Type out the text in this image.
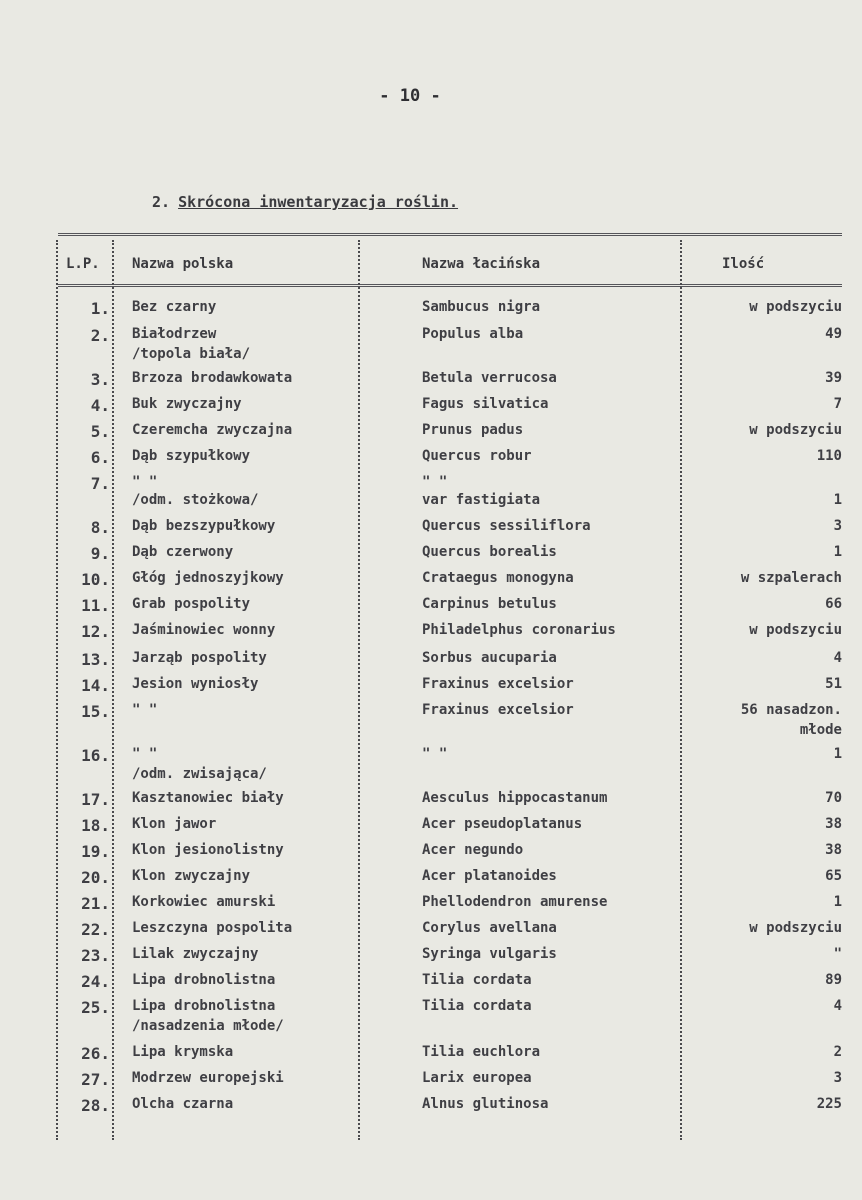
- 10 -
2. Skrócona inwentaryzacja roślin.
L.P. Nazwa polska	Nazwa łacińska	Ilość
1. Bez czarny	Sambucus nigra	w podszyciu
2. Białodrzew	Populus alba	49
/topola biała/
3. Brzoza brodawkowata	Betula verrucosa	39
4. Buk zwyczajny	Fagus silvatica	7
5. Czeremcha zwyczajna	Prunus padus	w podszyciu
6. Dąb szypułkowy	Quercus robur	110
7. " "	" "
/odm. stożkowa/	var fastigiata	1
8. Dąb bezszypułkowy	Quercus sessiliflora	3
9. Dąb czerwony	Quercus borealis	1
10. Głóg jednoszyjkowy	Crataegus monogyna	w szpalerach
11. Grab pospolity	Carpinus betulus	66
12. Jaśminowiec wonny	Philadelphus coronarius	w podszyciu
13. Jarząb pospolity	Sorbus aucuparia	4
14. Jesion wyniosły	Fraxinus excelsior	51
15. " "	Fraxinus excelsior	56 nasadzon.
młode
16. " "	" "	1
/odm. zwisająca/
17. Kasztanowiec biały	Aesculus hippocastanum	70
18. Klon jawor	Acer pseudoplatanus	38
19. Klon jesionolistny	Acer negundo	38
20. Klon zwyczajny	Acer platanoides	65
21. Korkowiec amurski	Phellodendron amurense	1
22. Leszczyna pospolita	Corylus avellana	w podszyciu
23. Lilak zwyczajny	Syringa vulgaris	"
24. Lipa drobnolistna	Tilia cordata	89
25. Lipa drobnolistna	Tilia cordata	4
/nasadzenia młode/
26. Lipa krymska	Tilia euchlora	2
27. Modrzew europejski	Larix europea	3
28. Olcha czarna	Alnus glutinosa	225
